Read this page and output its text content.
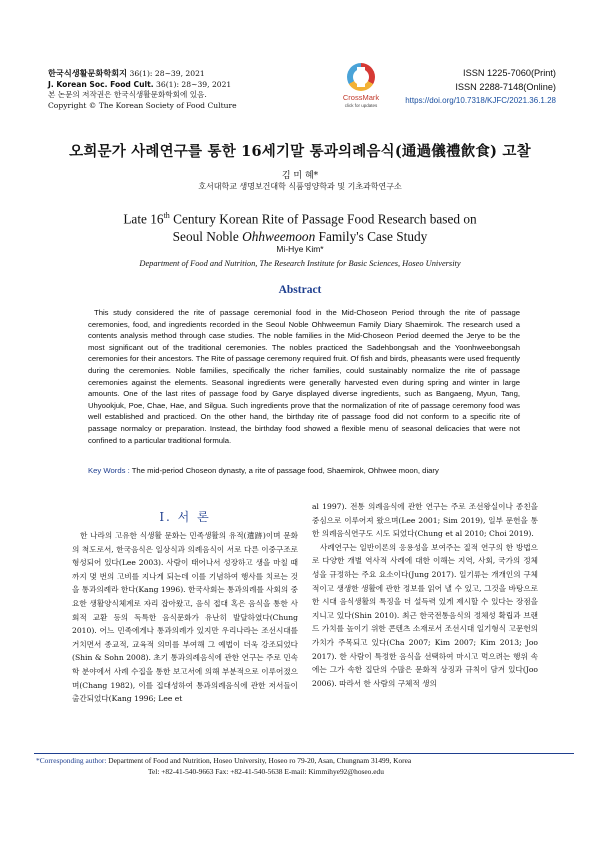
한국식생활문화학회지 36(1): 28~39, 2021
J. Korean Soc. Food Cult. 36(1): 28~39, 2021
본 논문의 저작권은 한국식생활문화학회에 있음.
Copyright © The Korean Society of Food Culture
CrossMark
click for updates
ISSN 1225-7060(Print)
ISSN 2288-7148(Online)
https://doi.org/10.7318/KJFC/2021.36.1.28
오희문가 사례연구를 통한 16세기말 통과의례음식(通過儀禮飮食) 고찰
김 미 혜*
호서대학교 생명보건대학 식품영양학과 및 기초과학연구소
Late 16th Century Korean Rite of Passage Food Research based on
Seoul Noble Ohhweemoon Family's Case Study
Mi-Hye Kim*
Department of Food and Nutrition, The Research Institute for Basic Sciences, Hoseo University
Abstract
This study considered the rite of passage ceremonial food in the Mid-Choseon Period through the rite of passage ceremonies, food, and ingredients recorded in the Seoul Noble Ohhweemun Family Diary Shaemirok. The research used a contents analysis method through case studies. The noble families in the Mid-Choseon Period deemed the Jerye to be the most significant out of the traditional ceremonies. The nobles practiced the Sadehbongsah and the Yoonhweebongsah ceremonies for their ancestors. The Rite of passage ceremony required fruit. Of fish and birds, pheasants were used frequently during the ceremonies. Noble families, specifically the richer families, could sustainably normalize the rite of passage ceremonies against the elements. Seasonal ingredients were generally harvested even during spring and winter in large amounts. One of the last rites of passage food by Garye displayed diverse ingredients, such as Bangaeng, Myun, Tang, Uhyookjuk, Poe, Chae, Hae, and Silgua. Such ingredients prove that the normalization of rite of passage ceremony food was well established and practiced. On the other hand, the birthday rite of passage food did not conform to a specific rite of passage normalcy or preparation. Instead, the birthday food showed a flexible menu of seasonal delicacies that were not confined to a particular traditional formula.
Key Words : The mid-period Choseon dynasty, a rite of passage food, Shaemirok, Ohhwee moon, diary
Ⅰ. 서 론

한 나라의 고유한 식생활 문화는 민족생활의 유적(遺跡)이며 문화의 척도로서, 한국음식은 일상식과 의례음식이 서로 다른 이중구조로 형성되어 있다(Lee 2003). 사람이 태어나서 성장하고 생을 마칠 때까지 몇 번의 고비를 지나게 되는데 이를 기념하여 행사를 치르는 것을 통과의례라 한다(Kang 1996). 한국사회는 통과의례를 사회의 중요한 생활양식체계로 자리 잡아왔고, 음식 접대 혹은 음식을 통한 사회적 교환 등의 독특한 음식문화가 유난히 발달하였다(Chung 2010). 어느 민족에게나 통과의례가 있지만 우리나라는 조선시대를 거치면서 종교적, 교육적 의미를 부여해 그 예법이 더욱 강조되었다(Shin & Sohn 2008). 초기 통과의례음식에 관한 연구는 주로 민속학 분야에서 사례 수집을 통한 보고서에 의해 부분적으로 이루어졌으며(Chang 1982), 이를 집대성하여 통과의례음식에 관한 저서들이 출간되었다(Kang 1996; Lee et

al 1997). 전통 의례음식에 관한 연구는 주로 조선왕실이나 종친을 중심으로 이루어져 왔으며(Lee 2001; Sim 2019), 일부 문헌을 통한 의례음식연구도 시도 되었다(Chung et al 2010; Choi 2019).

사례연구는 일반이론의 응용성을 보여주는 질적 연구의 한 방법으로 다양한 개별 역사적 사례에 대한 이해는 지역, 사회, 국가의 정체성을 규정하는 주요 요소이다(Jung 2017). 일기류는 개개인의 구체적이고 생생한 생활에 관한 정보를 읽어 낼 수 있고, 그것을 바탕으로 한 시대 음식생활의 특징을 더 설득력 있게 제시할 수 있다는 장점을 지니고 있다(Shin 2010). 최근 한국전통음식의 정체성 확립과 브랜드 가치를 높이기 위한 콘텐츠 소재로서 조선시대 일기형식 고문헌의 가치가 주목되고 있다(Cha 2007; Kim 2007; Kim 2013; Joo 2017). 한 사람이 특정한 음식을 선택하여 마시고 먹으려는 행위 속에는 그가 속한 집단의 수많은 문화적 상징과 규칙이 담겨 있다(Joo 2006). 따라서 한 사람의 구체적 생의

*Corresponding author: Department of Food and Nutrition, Hoseo University, Hoseo ro 79-20, Asan, Chungnam 31499, Korea
Tel: +82-41-540-9663 Fax: +82-41-540-5638 E-mail: Kimmihye92@hoseo.edu
